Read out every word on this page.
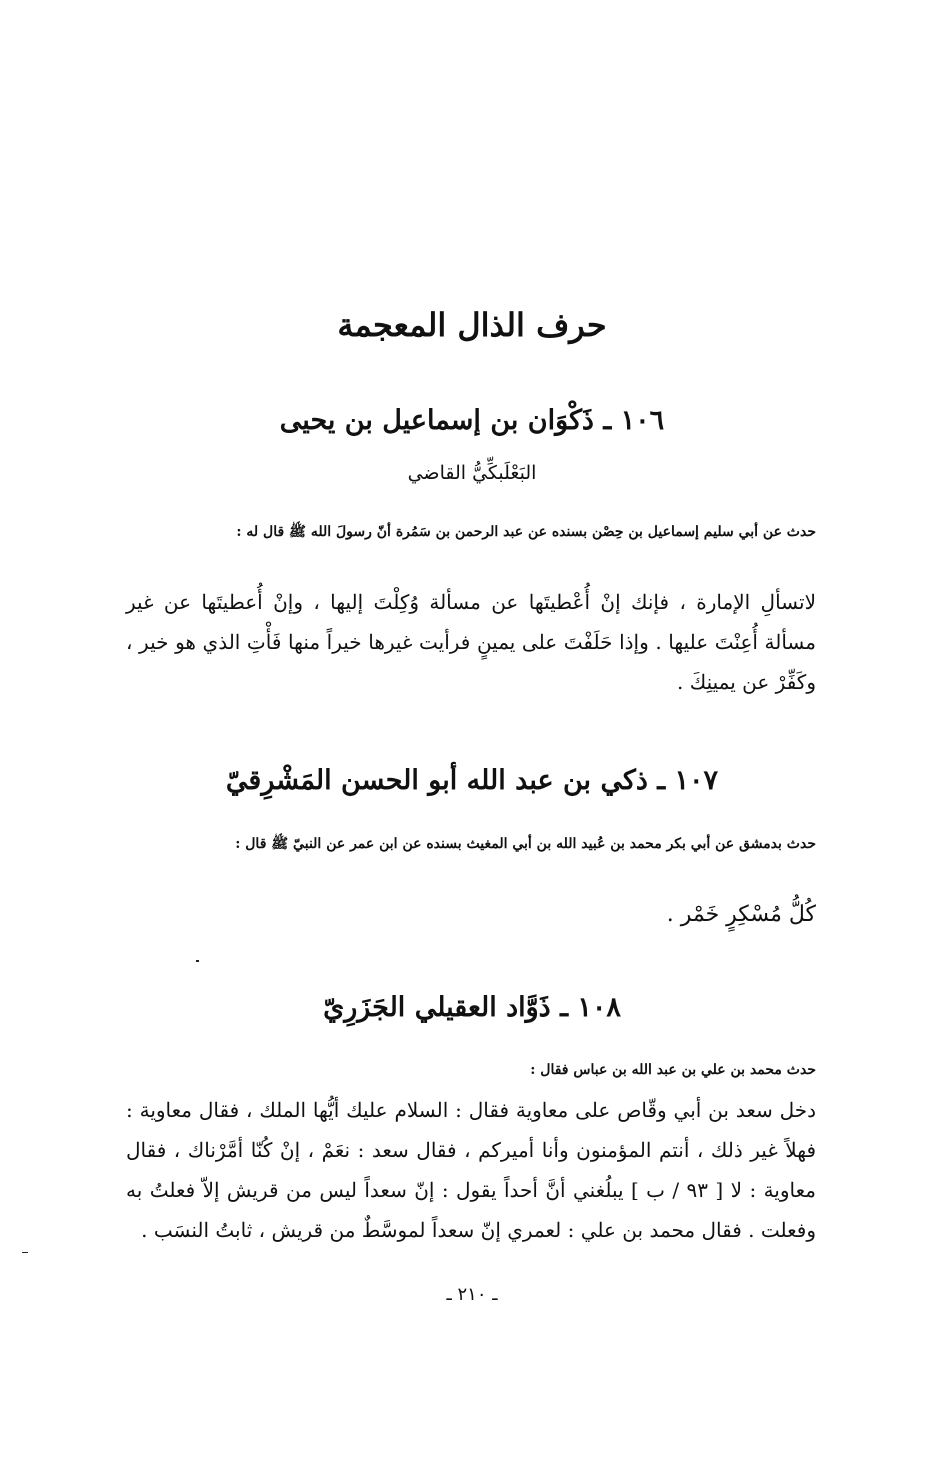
حرف الذال المعجمة
١٠٦ ـ ذَكْوَان بن إسماعيل بن يحيى
البَعْلَبكِّيُّ القاضي
حدث عن أبي سليم إسماعيل بن حِصْن بسنده عن عبد الرحمن بن سَمُرة أنّ رسولَ الله ﷺ قال له :
لاتسألِ الإمارة ، فإنك إنْ أُعْطيتَها عن مسألة وُكِلْتَ إليها ، وإنْ أُعطيتَها عن غير مسألة أُعِنْتَ عليها . وإذا حَلَفْتَ على يمينٍ فرأيت غيرها خيراً منها فَأْتِ الذي هو خير ، وكَفِّرْ عن يمينِكَ .
١٠٧ ـ ذكي بن عبد الله أبو الحسن المَشْرِقيّ
حدث بدمشق عن أبي بكر محمد بن عُبيد الله بن أبي المغيث بسنده عن ابن عمر عن النبيّ ﷺ قال :
كُلُّ مُسْكِرٍ خَمْر .
١٠٨ ـ ذَوَّاد العقيلي الجَزَرِيّ
حدث محمد بن علي بن عبد الله بن عباس فقال :
دخل سعد بن أبي وقّاص على معاوية فقال : السلام عليك أيُّها الملك ، فقال معاوية : فهلاً غير ذلك ، أنتم المؤمنون وأنا أميركم ، فقال سعد : نعَمْ ، إنْ كُنّا أمَّرْناك ، فقال معاوية : لا [ ٩٣ / ب ] يبلُغني أنَّ أحداً يقول : إنّ سعداً ليس من قريش إلاّ فعلتُ به وفعلت . فقال محمد بن علي : لعمري إنّ سعداً لموسَّطٌ من قريش ، ثابتُ النسَب .
ـ ٢١٠ ـ
